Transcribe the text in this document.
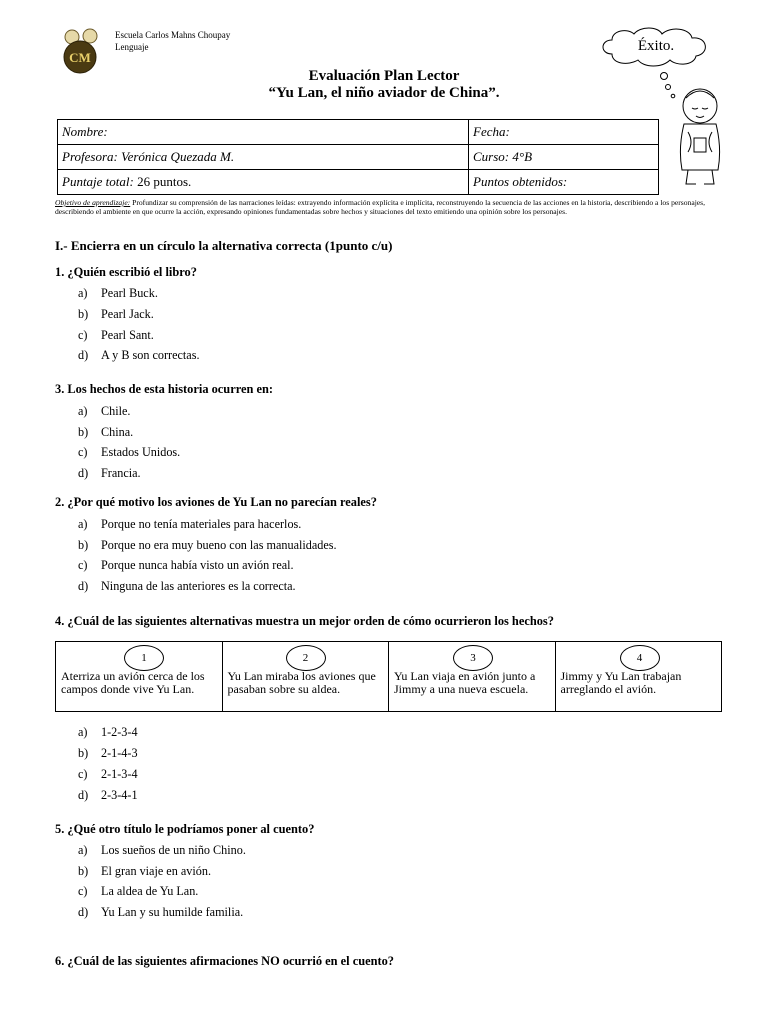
Escuela Carlos Mahns Choupay
Lenguaje
CM
Éxito.
Evaluación Plan Lector
“Yu Lan, el niño aviador de China”.
Nombre:	Fecha:
Profesora: Verónica Quezada M.	Curso: 4°B
Puntaje total: 26 puntos.	Puntos obtenidos:
Objetivo de aprendizaje: Profundizar su comprensión de las narraciones leídas: extrayendo información explícita e implícita, reconstruyendo la secuencia de las acciones en la historia, describiendo a los personajes, describiendo el ambiente en que ocurre la acción, expresando opiniones fundamentadas sobre hechos y situaciones del texto emitiendo una opinión sobre los personajes.
I.- Encierra en un círculo la alternativa correcta (1punto c/u)
1. ¿Quién escribió el libro?
a) Pearl Buck.
b) Pearl Jack.
c) Pearl Sant.
d) A y B son correctas.
3. Los hechos de esta historia ocurren en:
a) Chile.
b) China.
c) Estados Unidos.
d) Francia.
2. ¿Por qué motivo los aviones de Yu Lan no parecían reales?
a) Porque no tenía materiales para hacerlos.
b) Porque no era muy bueno con las manualidades.
c) Porque nunca había visto un avión real.
d) Ninguna de las anteriores es la correcta.
4. ¿Cuál de las siguientes alternativas muestra un mejor orden de cómo ocurrieron los hechos?
1
Aterriza un avión cerca de los campos donde vive Yu Lan.

2
Yu Lan miraba los aviones que pasaban sobre su aldea.

3
Yu Lan viaja en avión junto a Jimmy a una nueva escuela.

4
Jimmy y Yu Lan trabajan arreglando el avión.
a) 1-2-3-4
b) 2-1-4-3
c) 2-1-3-4
d) 2-3-4-1
5. ¿Qué otro título le podríamos poner al cuento?
a) Los sueños de un niño Chino.
b) El gran viaje en avión.
c) La aldea de Yu Lan.
d) Yu Lan y su humilde familia.
6. ¿Cuál de las siguientes afirmaciones NO ocurrió en el cuento?
